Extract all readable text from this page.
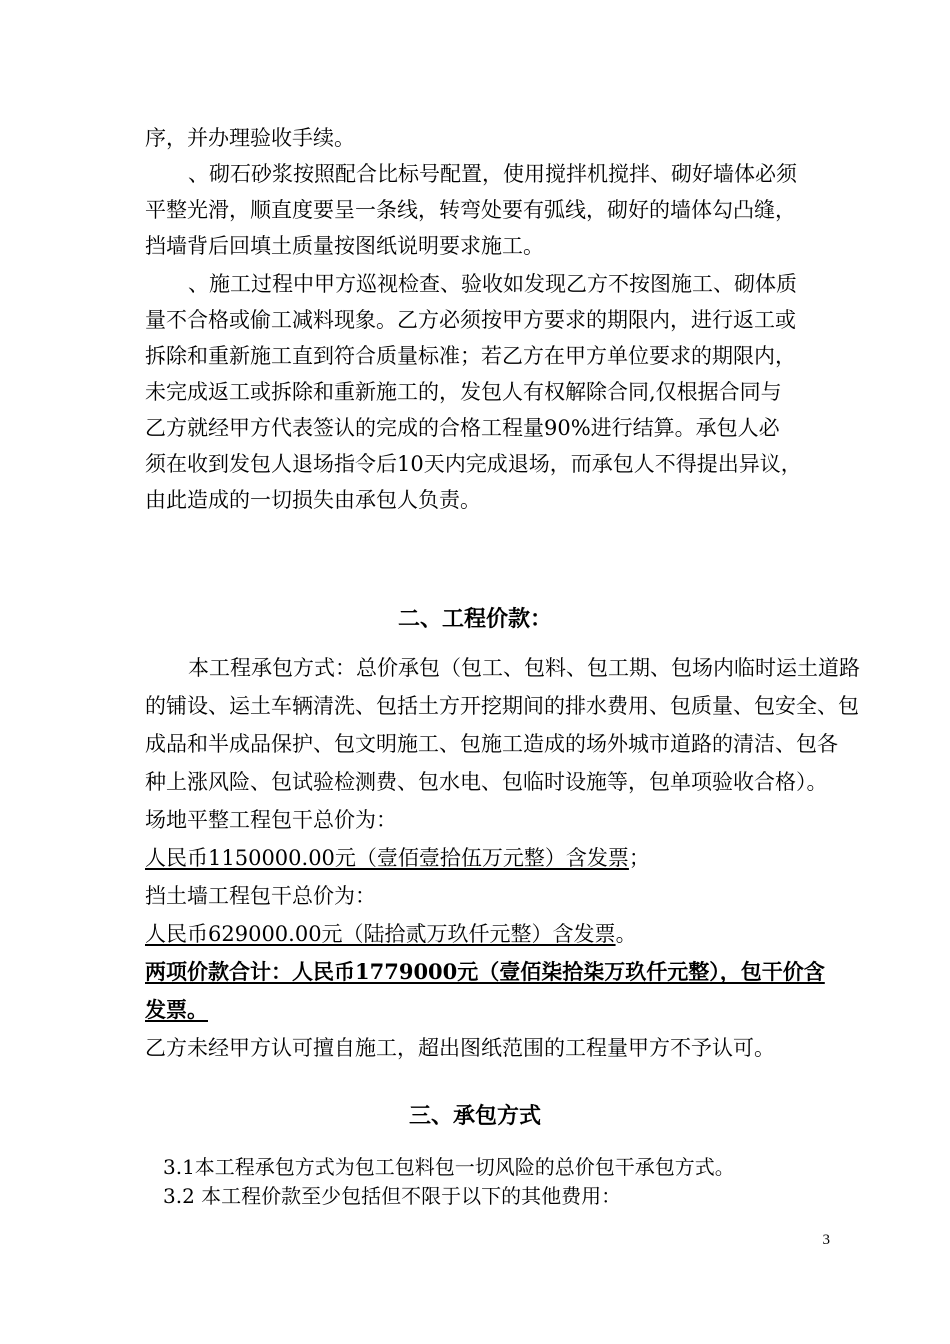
序，并办理验收手续。
、砌石砂浆按照配合比标号配置，使用搅拌机搅拌、砌好墙体必须
平整光滑，顺直度要呈一条线，转弯处要有弧线，砌好的墙体勾凸缝，
挡墙背后回填土质量按图纸说明要求施工。
、施工过程中甲方巡视检查、验收如发现乙方不按图施工、砌体质
量不合格或偷工减料现象。乙方必须按甲方要求的期限内，进行返工或
拆除和重新施工直到符合质量标准；若乙方在甲方单位要求的期限内，
未完成返工或拆除和重新施工的，发包人有权解除合同,仅根据合同与
乙方就经甲方代表签认的完成的合格工程量90%进行结算。承包人必
须在收到发包人退场指令后10天内完成退场，而承包人不得提出异议，
由此造成的一切损失由承包人负责。
二、工程价款：
本工程承包方式：总价承包（包工、包料、包工期、包场内临时运土道路
的铺设、运土车辆清洗、包括土方开挖期间的排水费用、包质量、包安全、包
成品和半成品保护、包文明施工、包施工造成的场外城市道路的清洁、包各
种上涨风险、包试验检测费、包水电、包临时设施等，包单项验收合格）。
场地平整工程包干总价为：
人民币1150000.00元（壹佰壹拾伍万元整）含发票；
挡土墙工程包干总价为：
人民币629000.00元（陆拾贰万玖仟元整）含发票。
两项价款合计：人民币1779000元（壹佰柒拾柒万玖仟元整），包干价含
发票。
乙方未经甲方认可擅自施工，超出图纸范围的工程量甲方不予认可。
三、承包方式
3.1本工程承包方式为包工包料包一切风险的总价包干承包方式。
3.2 本工程价款至少包括但不限于以下的其他费用：
3
